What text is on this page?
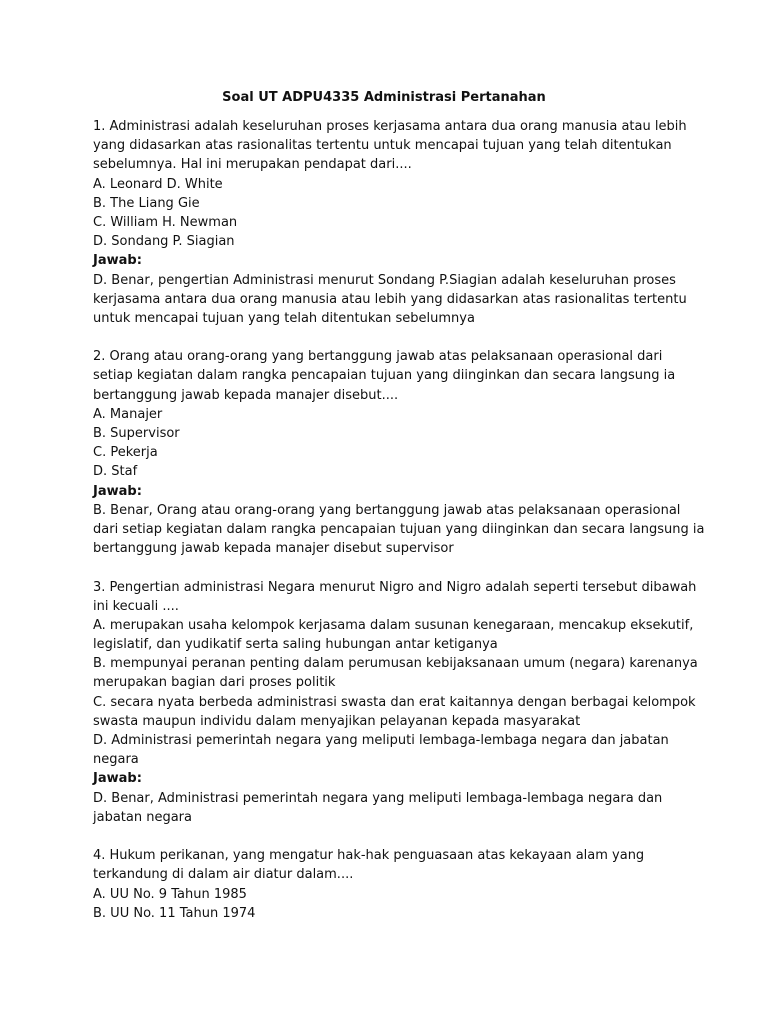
Soal UT ADPU4335 Administrasi Pertanahan
1. Administrasi adalah keseluruhan proses kerjasama antara dua orang manusia atau lebih
yang didasarkan atas rasionalitas tertentu untuk mencapai tujuan yang telah ditentukan
sebelumnya. Hal ini merupakan pendapat dari....
A. Leonard D. White
B. The Liang Gie
C. William H. Newman
D. Sondang P. Siagian
Jawab:
D. Benar, pengertian Administrasi menurut Sondang P.Siagian adalah keseluruhan proses
kerjasama antara dua orang manusia atau lebih yang didasarkan atas rasionalitas tertentu
untuk mencapai tujuan yang telah ditentukan sebelumnya
2. Orang atau orang-orang yang bertanggung jawab atas pelaksanaan operasional dari
setiap kegiatan dalam rangka pencapaian tujuan yang diinginkan dan secara langsung ia
bertanggung jawab kepada manajer disebut....
A. Manajer
B. Supervisor
C. Pekerja
D. Staf
Jawab:
B. Benar, Orang atau orang-orang yang bertanggung jawab atas pelaksanaan operasional
dari setiap kegiatan dalam rangka pencapaian tujuan yang diinginkan dan secara langsung ia
bertanggung jawab kepada manajer disebut supervisor
3. Pengertian administrasi Negara menurut Nigro and Nigro adalah seperti tersebut dibawah
ini kecuali ....
A. merupakan usaha kelompok kerjasama dalam susunan kenegaraan, mencakup eksekutif,
legislatif, dan yudikatif serta saling hubungan antar ketiganya
B. mempunyai peranan penting dalam perumusan kebijaksanaan umum (negara) karenanya
merupakan bagian dari proses politik
C. secara nyata berbeda administrasi swasta dan erat kaitannya dengan berbagai kelompok
swasta maupun individu dalam menyajikan pelayanan kepada masyarakat
D. Administrasi pemerintah negara yang meliputi lembaga-lembaga negara dan jabatan
negara
Jawab:
D. Benar, Administrasi pemerintah negara yang meliputi lembaga-lembaga negara dan
jabatan negara
4. Hukum perikanan, yang mengatur hak-hak penguasaan atas kekayaan alam yang
terkandung di dalam air diatur dalam....
A. UU No. 9 Tahun 1985
B. UU No. 11 Tahun 1974
